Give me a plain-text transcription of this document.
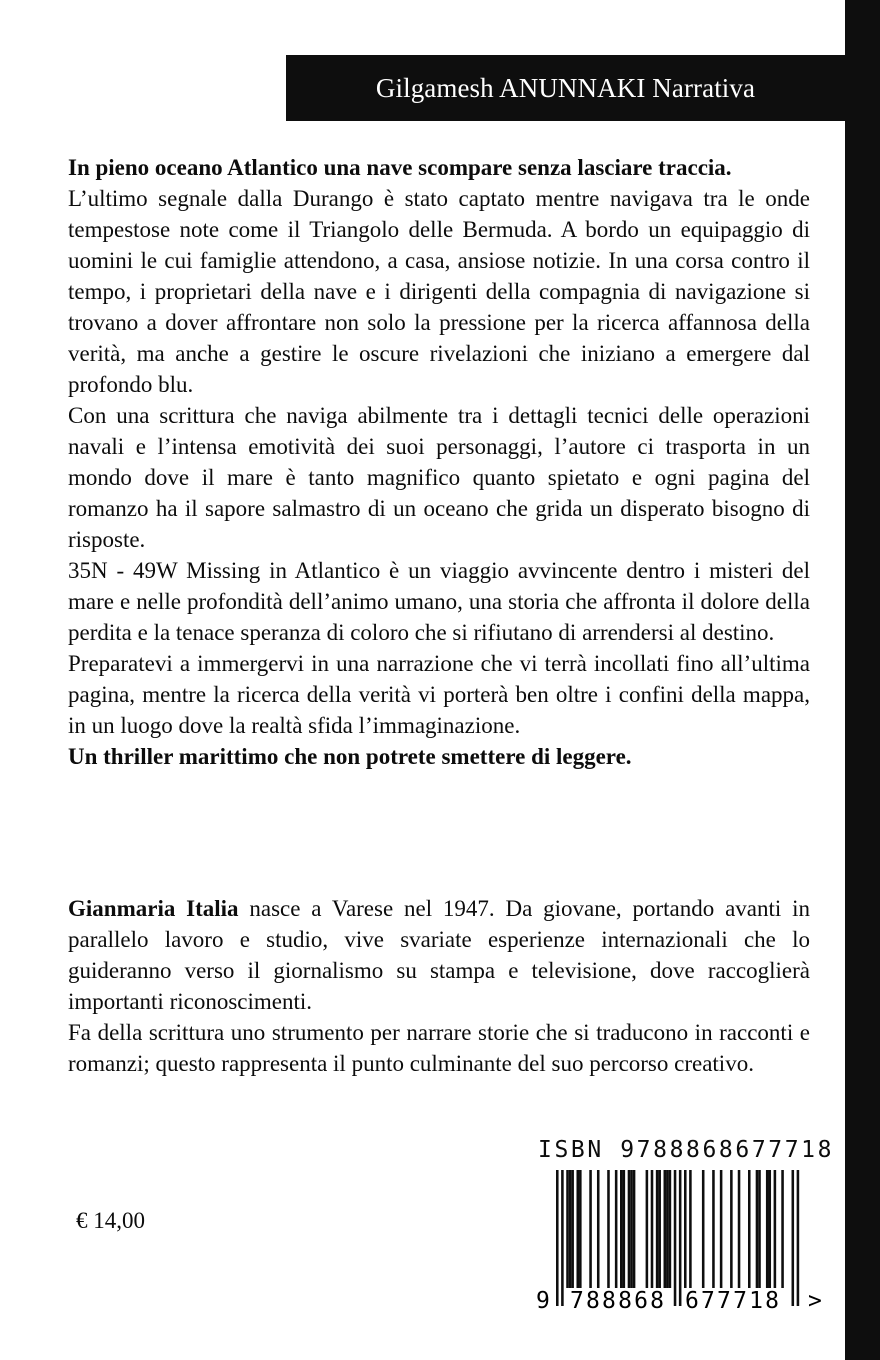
Gilgamesh ANUNNAKI Narrativa

In pieno oceano Atlantico una nave scompare senza lasciare traccia.

L’ultimo segnale dalla Durango è stato captato mentre navigava tra le onde tempestose note come il Triangolo delle Bermuda. A bordo un equipaggio di uomini le cui famiglie attendono, a casa, ansiose notizie. In una corsa contro il tempo, i proprietari della nave e i dirigenti della compagnia di navigazione si trovano a dover affrontare non solo la pressione per la ricerca affannosa della verità, ma anche a gestire le oscure rivelazioni che iniziano a emergere dal profondo blu.

Con una scrittura che naviga abilmente tra i dettagli tecnici delle operazioni navali e l’intensa emotività dei suoi personaggi, l’autore ci trasporta in un mondo dove il mare è tanto magnifico quanto spietato e ogni pagina del romanzo ha il sapore salmastro di un oceano che grida un disperato bisogno di risposte.

35N - 49W Missing in Atlantico è un viaggio avvincente dentro i misteri del mare e nelle profondità dell’animo umano, una storia che affronta il dolore della perdita e la tenace speranza di coloro che si rifiutano di arrendersi al destino.

Preparatevi a immergervi in una narrazione che vi terrà incollati fino all’ultima pagina, mentre la ricerca della verità vi porterà ben oltre i confini della mappa, in un luogo dove la realtà sfida l’immaginazione.

Un thriller marittimo che non potrete smettere di leggere.

Gianmaria Italia nasce a Varese nel 1947. Da giovane, portando avanti in parallelo lavoro e studio, vive svariate esperienze internazionali che lo guideranno verso il giornalismo su stampa e televisione, dove raccoglierà importanti riconoscimenti.

Fa della scrittura uno strumento per narrare storie che si traducono in racconti e romanzi; questo rappresenta il punto culminante del suo percorso creativo.

€ 14,00
ISBN 9788868677718
9 788868 677718 >
